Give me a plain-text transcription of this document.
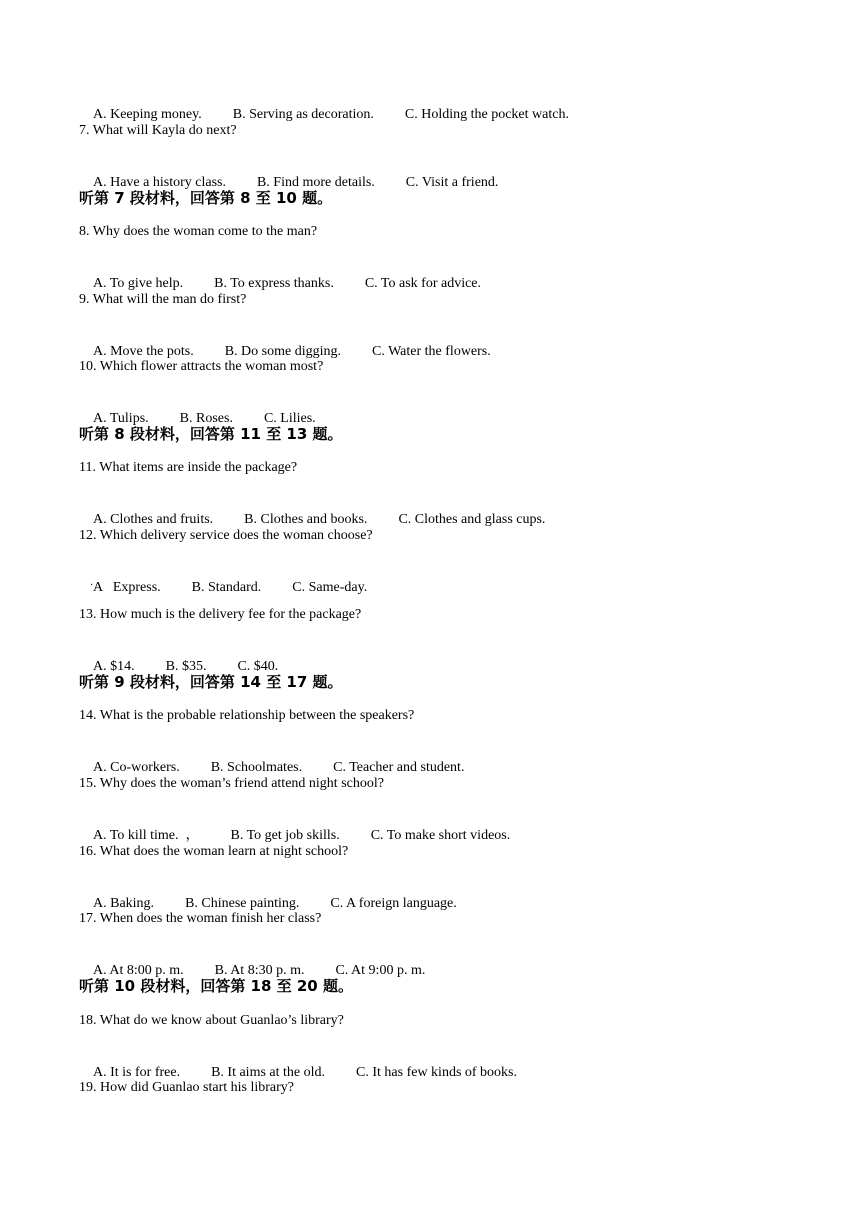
A. Keeping money. B. Serving as decoration. C. Holding the pocket watch.

7. What will Kayla do next?

A. Have a history class. B. Find more details. C. Visit a friend.

听第 7 段材料，回答第 8 至 10 题。
8. Why does the woman come to the man?

A. To give help. B. To express thanks. C. To ask for advice.

9. What will the man do first?

A. Move the pots. B. Do some digging. C. Water the flowers.

10. Which flower attracts the woman most?

A. Tulips. B. Roses. C. Lilies.

听第 8 段材料，回答第 11 至 13 题。
11. What items are inside the package?

A. Clothes and fruits. B. Clothes and books. C. Clothes and glass cups.

12. Which delivery service does the woman choose?

A   Express. B. Standard. C. Same-day.

·
13. How much is the delivery fee for the package?

A. $14. B. $35. C. $40.

听第 9 段材料，回答第 14 至 17 题。
14. What is the probable relationship between the speakers?

A. Co-workers. B. Schoolmates. C. Teacher and student.

15. Why does the woman’s friend attend night school?

A. To kill time.  ， B. To get job skills. C. To make short videos.

16. What does the woman learn at night school?

A. Baking. B. Chinese painting. C. A foreign language.

17. When does the woman finish her class?

A. At 8:00 p. m. B. At 8:30 p. m. C. At 9:00 p. m.

听第 10 段材料，回答第 18 至 20 题。
18. What do we know about Guanlao’s library?

A. It is for free. B. It aims at the old. C. It has few kinds of books.

19. How did Guanlao start his library?
